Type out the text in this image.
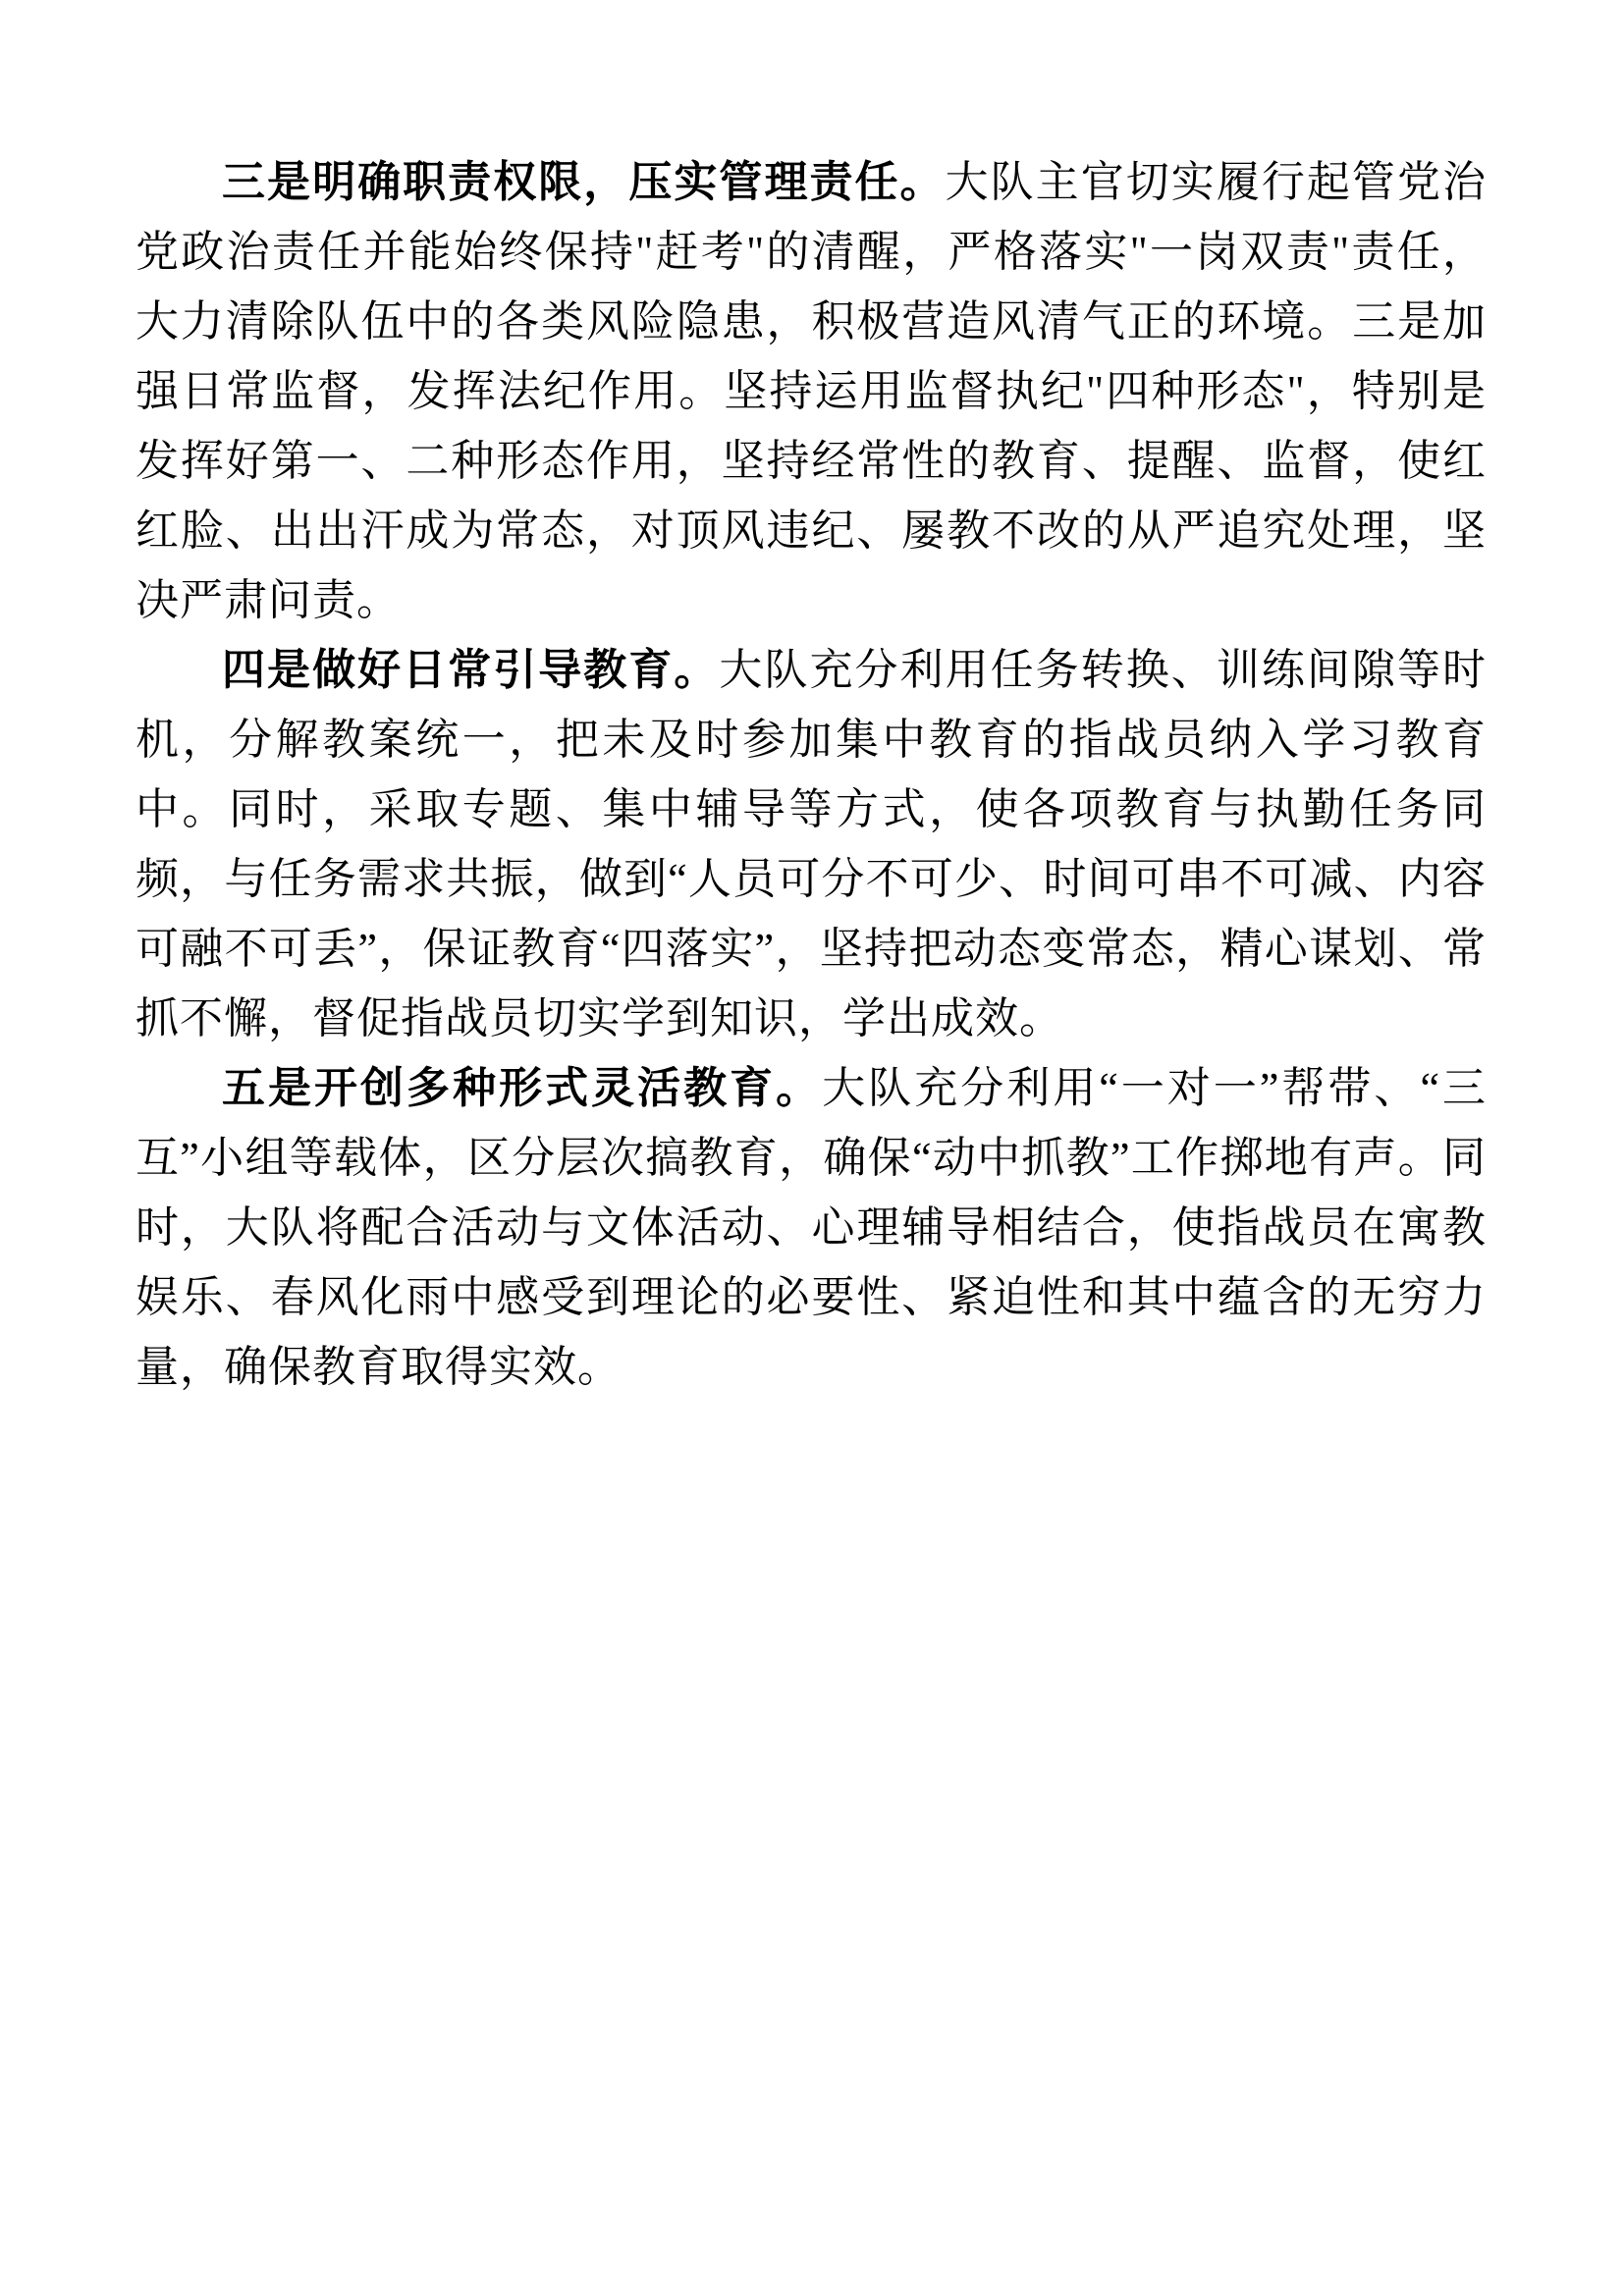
三是明确职责权限，压实管理责任。大队主官切实履行起管党治党政治责任并能始终保持"赶考"的清醒，严格落实"一岗双责"责任，大力清除队伍中的各类风险隐患，积极营造风清气正的环境。三是加强日常监督，发挥法纪作用。坚持运用监督执纪"四种形态"，特别是发挥好第一、二种形态作用，坚持经常性的教育、提醒、监督，使红红脸、出出汗成为常态，对顶风违纪、屡教不改的从严追究处理，坚决严肃问责。

四是做好日常引导教育。大队充分利用任务转换、训练间隙等时机，分解教案统一，把未及时参加集中教育的指战员纳入学习教育中。同时，采取专题、集中辅导等方式，使各项教育与执勤任务同频，与任务需求共振，做到“人员可分不可少、时间可串不可减、内容可融不可丢”，保证教育“四落实”，坚持把动态变常态，精心谋划、常抓不懈，督促指战员切实学到知识，学出成效。

五是开创多种形式灵活教育。大队充分利用“一对一”帮带、“三互”小组等载体，区分层次搞教育，确保“动中抓教”工作掷地有声。同时，大队将配合活动与文体活动、心理辅导相结合，使指战员在寓教娱乐、春风化雨中感受到理论的必要性、紧迫性和其中蕴含的无穷力量，确保教育取得实效。
